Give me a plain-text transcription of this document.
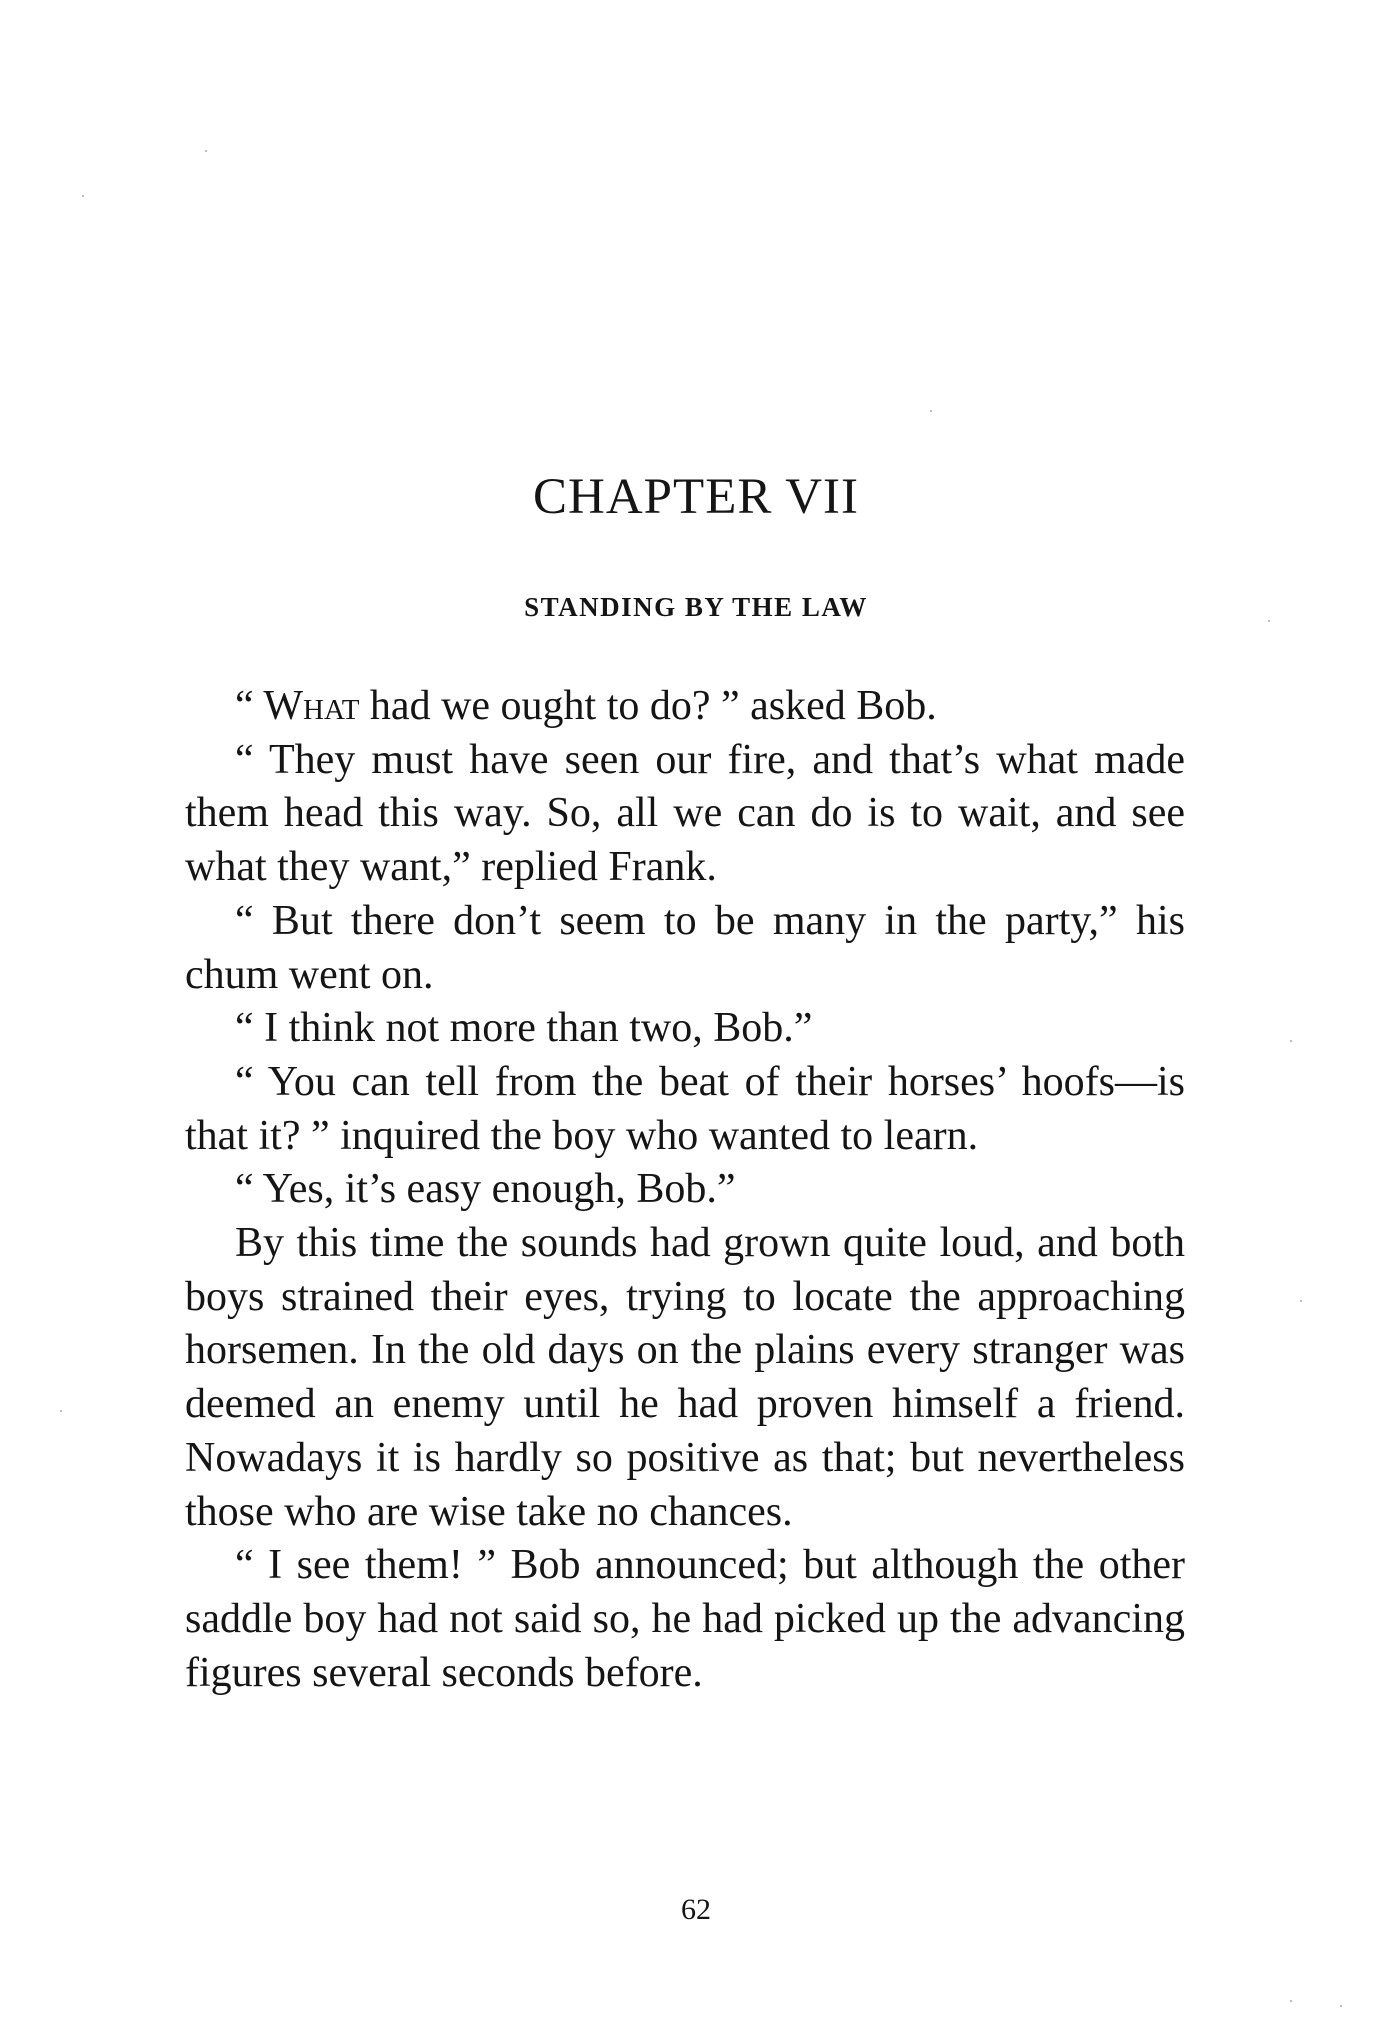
CHAPTER VII
STANDING BY THE LAW

“ What had we ought to do? ” asked Bob.

“ They must have seen our fire, and that’s what made them head this way. So, all we can do is to wait, and see what they want,” replied Frank.

“ But there don’t seem to be many in the party,” his chum went on.

“ I think not more than two, Bob.”

“ You can tell from the beat of their horses’ hoofs—is that it? ” inquired the boy who wanted to learn.

“ Yes, it’s easy enough, Bob.”

By this time the sounds had grown quite loud, and both boys strained their eyes, trying to locate the approaching horsemen. In the old days on the plains every stranger was deemed an enemy until he had proven himself a friend. Nowadays it is hardly so positive as that; but nevertheless those who are wise take no chances.

“ I see them! ” Bob announced; but although the other saddle boy had not said so, he had picked up the advancing figures several seconds before.

62
